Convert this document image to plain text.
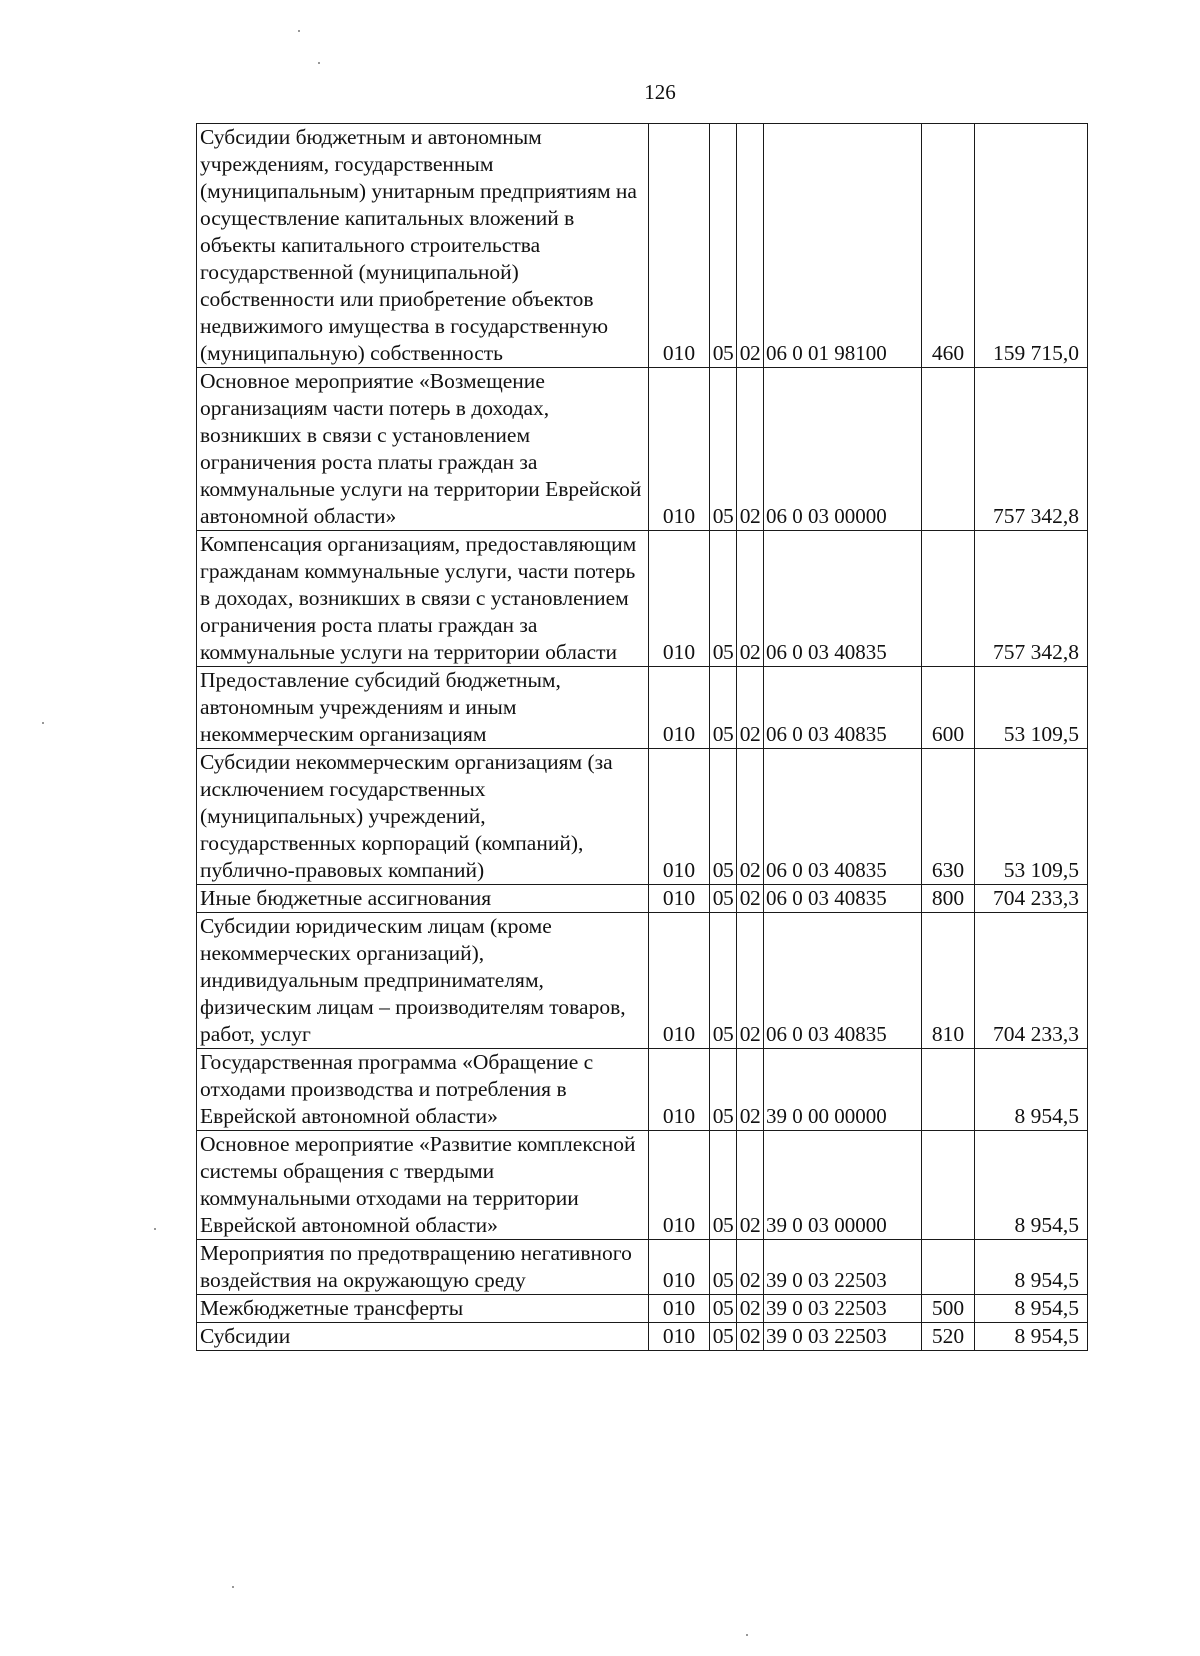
126
Субсидии бюджетным и автономным учреждениям, государственным (муниципальным) унитарным предприятиям на осуществление капитальных вложений в объекты капитального строительства государственной (муниципальной) собственности или приобретение объектов недвижимого имущества в государственную (муниципальную) собственность	010	05	02	06 0 01 98100	460	159 715,0
Основное мероприятие «Возмещение организациям части потерь в доходах, возникших в связи с установлением ограничения роста платы граждан за коммунальные услуги на территории Еврейской автономной области»	010	05	02	06 0 03 00000		757 342,8
Компенсация организациям, предоставляющим гражданам коммунальные услуги, части потерь в доходах, возникших в связи с установлением ограничения роста платы граждан за коммунальные услуги на территории области	010	05	02	06 0 03 40835		757 342,8
Предоставление субсидий бюджетным, автономным учреждениям и иным некоммерческим организациям	010	05	02	06 0 03 40835	600	53 109,5
Субсидии некоммерческим организациям (за исключением государственных (муниципальных) учреждений, государственных корпораций (компаний), публично-правовых компаний)	010	05	02	06 0 03 40835	630	53 109,5
Иные бюджетные ассигнования	010	05	02	06 0 03 40835	800	704 233,3
Субсидии юридическим лицам (кроме некоммерческих организаций), индивидуальным предпринимателям, физическим лицам – производителям товаров, работ, услуг	010	05	02	06 0 03 40835	810	704 233,3
Государственная программа «Обращение с отходами производства и потребления в Еврейской автономной области»	010	05	02	39 0 00 00000		8 954,5
Основное мероприятие «Развитие комплексной системы обращения с твердыми коммунальными отходами на территории Еврейской автономной области»	010	05	02	39 0 03 00000		8 954,5
Мероприятия по предотвращению негативного воздействия на окружающую среду	010	05	02	39 0 03 22503		8 954,5
Межбюджетные трансферты	010	05	02	39 0 03 22503	500	8 954,5
Субсидии	010	05	02	39 0 03 22503	520	8 954,5
